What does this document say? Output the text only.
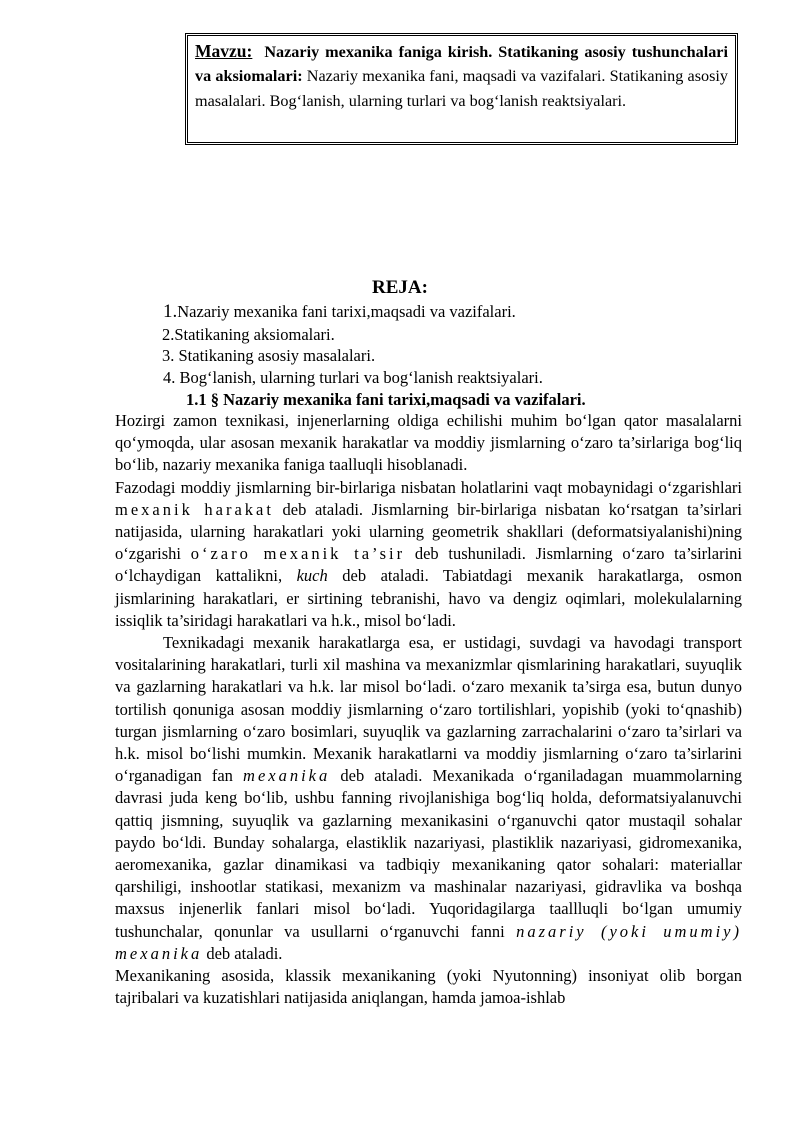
Mavzu: Nazariy mexanika faniga kirish. Statikaning asosiy tushunchalari va aksiomalari: Nazariy mexanika fani, maqsadi va vazifalari. Statikaning asosiy masalalari. Bog‘lanish, ularning turlari va bog‘lanish reaktsiyalari.
REJA:
1.Nazariy mexanika fani tarixi,maqsadi va vazifalari.
2.Statikaning aksiomalari.
3. Statikaning asosiy masalalari.
4. Bog‘lanish, ularning turlari va bog‘lanish reaktsiyalari.
1.1 § Nazariy mexanika fani tarixi,maqsadi va vazifalari.

Hozirgi zamon texnikasi, injenerlarning oldiga echilishi muhim bo‘lgan qator masalalarni qo‘ymoqda, ular asosan mexanik harakatlar va moddiy jismlarning o‘zaro ta’sirlariga bog‘liq bo‘lib, nazariy mexanika faniga taalluqli hisoblanadi.

Fazodagi moddiy jismlarning bir-birlariga nisbatan holatlarini vaqt mobaynidagi o‘zgarishlari mexanik harakat deb ataladi. Jismlarning bir-birlariga nisbatan ko‘rsatgan ta’sirlari natijasida, ularning harakatlari yoki ularning geometrik shakllari (deformatsiyalanishi)ning o‘zgarishi o‘zaro mexanik ta’sir deb tushuniladi. Jismlarning o‘zaro ta’sirlarini o‘lchaydigan kattalikni, kuch deb ataladi. Tabiatdagi mexanik harakatlarga, osmon jismlarining harakatlari, er sirtining tebranishi, havo va dengiz oqimlari, molekulalarning issiqlik ta’siridagi harakatlari va h.k., misol bo‘ladi.

Texnikadagi mexanik harakatlarga esa, er ustidagi, suvdagi va havodagi transport vositalarining harakatlari, turli xil mashina va mexanizmlar qismlarining harakatlari, suyuqlik va gazlarning harakatlari va h.k. lar misol bo‘ladi. o‘zaro mexanik ta’sirga esa, butun dunyo tortilish qonuniga asosan moddiy jismlarning o‘zaro tortilishlari, yopishib (yoki to‘qnashib) turgan jismlarning o‘zaro bosimlari, suyuqlik va gazlarning zarrachalarini o‘zaro ta’sirlari va h.k. misol bo‘lishi mumkin. Mexanik harakatlarni va moddiy jismlarning o‘zaro ta’sirlarini o‘rganadigan fan mexanika deb ataladi. Mexanikada o‘rganiladagan muammolarning davrasi juda keng bo‘lib, ushbu fanning rivojlanishiga bog‘liq holda, deformatsiyalanuvchi qattiq jismning, suyuqlik va gazlarning mexanikasini o‘rganuvchi qator mustaqil sohalar paydo bo‘ldi. Bunday sohalarga, elastiklik nazariyasi, plastiklik nazariyasi, gidromexanika, aeromexanika, gazlar dinamikasi va tadbiqiy mexanikaning qator sohalari: materiallar qarshiligi, inshootlar statikasi, mexanizm va mashinalar nazariyasi, gidravlika va boshqa maxsus injenerlik fanlari misol bo‘ladi. Yuqoridagilarga taallluqli bo‘lgan umumiy tushunchalar, qonunlar va usullarni o‘rganuvchi fanni nazariy (yoki umumiy) mexanika deb ataladi.

Mexanikaning asosida, klassik mexanikaning (yoki Nyutonning) insoniyat olib borgan tajribalari va kuzatishlari natijasida aniqlangan, hamda jamoa-ishlab
